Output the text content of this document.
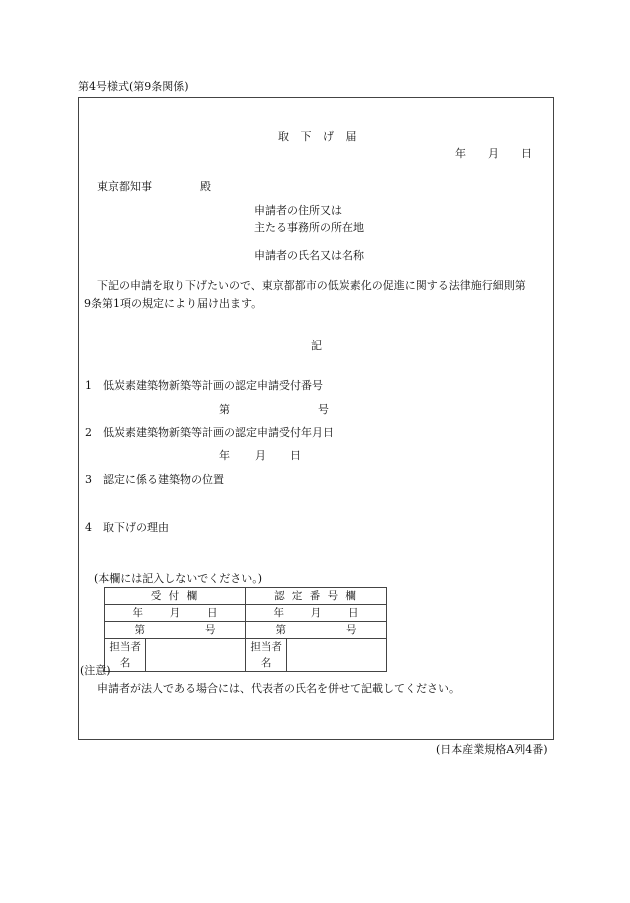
第4号様式(第9条関係)
取 下 げ 届
年 月 日
東京都知事	殿
申請者の住所又は
主たる事務所の所在地
申請者の氏名又は名称
下記の申請を取り下げたいので、東京都都市の低炭素化の促進に関する法律施行細則第
9条第1項の規定により届け出ます。
記
1 低炭素建築物新築等計画の認定申請受付番号
第	号
2 低炭素建築物新築等計画の認定申請受付年月日
年 月 日
3 認定に係る建築物の位置
4 取下げの理由
(本欄には記入しないでください。)
受 付 欄		認 定 番 号 欄	
年 月 日		年 月 日	
第 号		第 号	
担当者名		担当者名	
(注意)
申請者が法人である場合には、代表者の氏名を併せて記載してください。
(日本産業規格A列4番)
